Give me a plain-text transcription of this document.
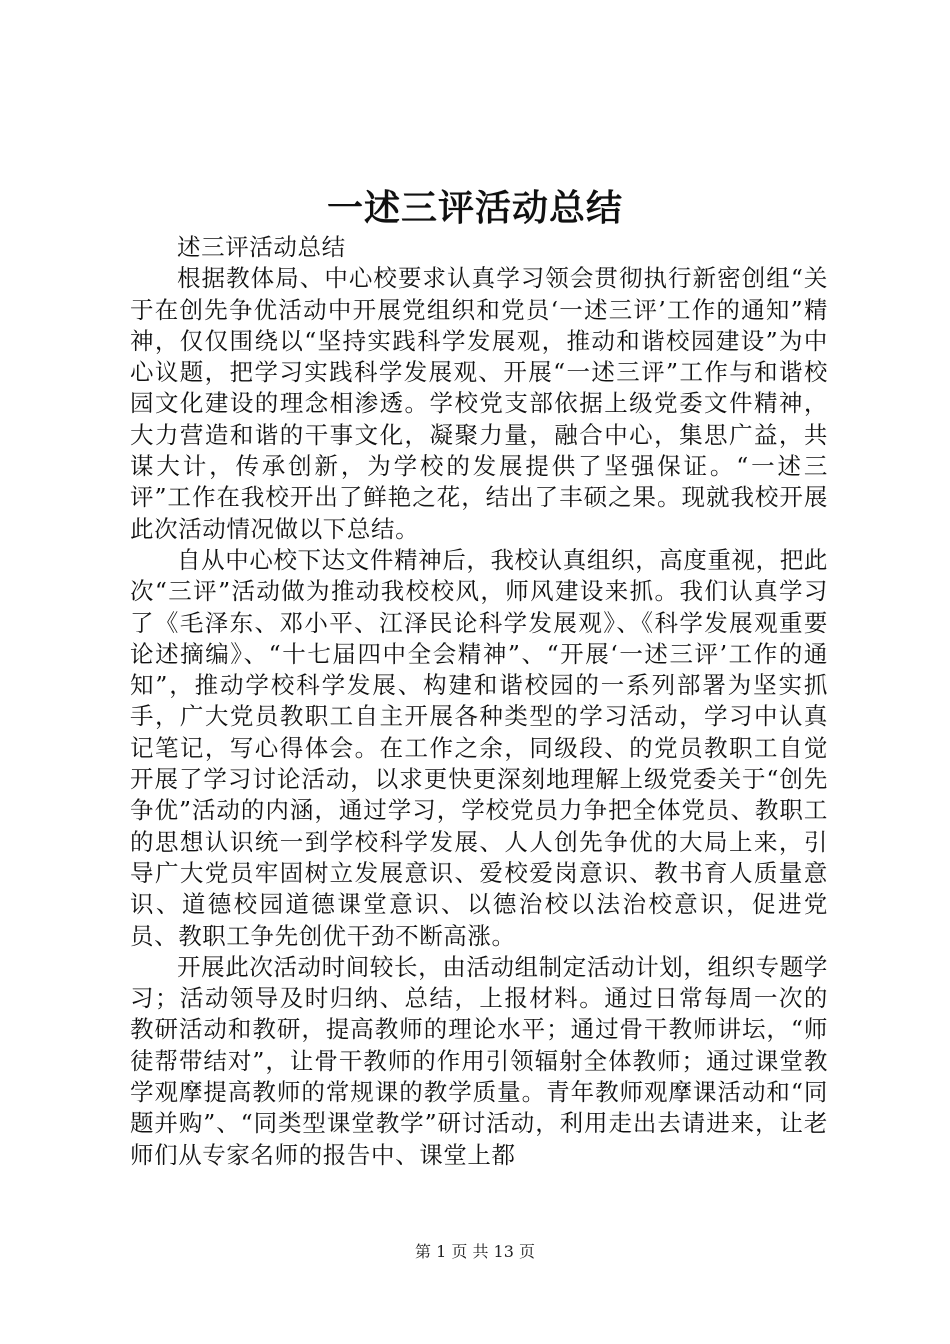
一述三评活动总结

述三评活动总结

根据教体局、中心校要求认真学习领会贯彻执行新密创组“关于在创先争优活动中开展党组织和党员‘一述三评’工作的通知”精神，仅仅围绕以“坚持实践科学发展观，推动和谐校园建设”为中心议题，把学习实践科学发展观、开展“一述三评”工作与和谐校园文化建设的理念相渗透。学校党支部依据上级党委文件精神，大力营造和谐的干事文化，凝聚力量，融合中心，集思广益，共谋大计，传承创新，为学校的发展提供了坚强保证。“一述三评”工作在我校开出了鲜艳之花，结出了丰硕之果。现就我校开展此次活动情况做以下总结。

自从中心校下达文件精神后，我校认真组织，高度重视，把此次“三评”活动做为推动我校校风，师风建设来抓。我们认真学习了《毛泽东、邓小平、江泽民论科学发展观》、《科学发展观重要论述摘编》、“十七届四中全会精神”、“开展‘一述三评’工作的通知”，推动学校科学发展、构建和谐校园的一系列部署为坚实抓手，广大党员教职工自主开展各种类型的学习活动，学习中认真记笔记，写心得体会。在工作之余，同级段、的党员教职工自觉开展了学习讨论活动，以求更快更深刻地理解上级党委关于“创先争优”活动的内涵，通过学习，学校党员力争把全体党员、教职工的思想认识统一到学校科学发展、人人创先争优的大局上来，引导广大党员牢固树立发展意识、爱校爱岗意识、教书育人质量意识、道德校园道德课堂意识、以德治校以法治校意识，促进党员、教职工争先创优干劲不断高涨。

开展此次活动时间较长，由活动组制定活动计划，组织专题学习；活动领导及时归纳、总结，上报材料。通过日常每周一次的教研活动和教研，提高教师的理论水平；通过骨干教师讲坛，“师徒帮带结对”，让骨干教师的作用引领辐射全体教师；通过课堂教学观摩提高教师的常规课的教学质量。青年教师观摩课活动和“同题并购”、“同类型课堂教学”研讨活动，利用走出去请进来，让老师们从专家名师的报告中、课堂上都

第 1 页 共 13 页
